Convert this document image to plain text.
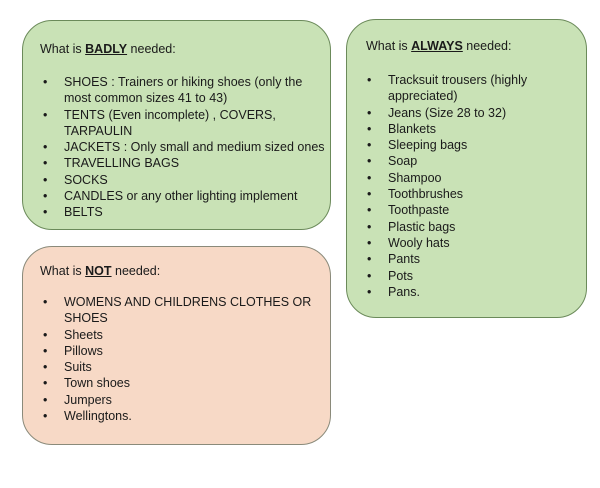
What is BADLY needed:
• SHOES : Trainers or hiking shoes (only the most common sizes 41 to 43)
• TENTS (Even incomplete) , COVERS, TARPAULIN
• JACKETS : Only small and medium sized ones
• TRAVELLING BAGS
• SOCKS
• CANDLES or any other lighting implement
• BELTS
What is ALWAYS needed:
• Tracksuit trousers (highly appreciated)
• Jeans (Size 28 to 32)
• Blankets
• Sleeping bags
• Soap
• Shampoo
• Toothbrushes
• Toothpaste
• Plastic bags
• Wooly hats
• Pants
• Pots
• Pans.
What is NOT needed:
• WOMENS AND CHILDRENS CLOTHES OR SHOES
• Sheets
• Pillows
• Suits
• Town shoes
• Jumpers
• Wellingtons.
